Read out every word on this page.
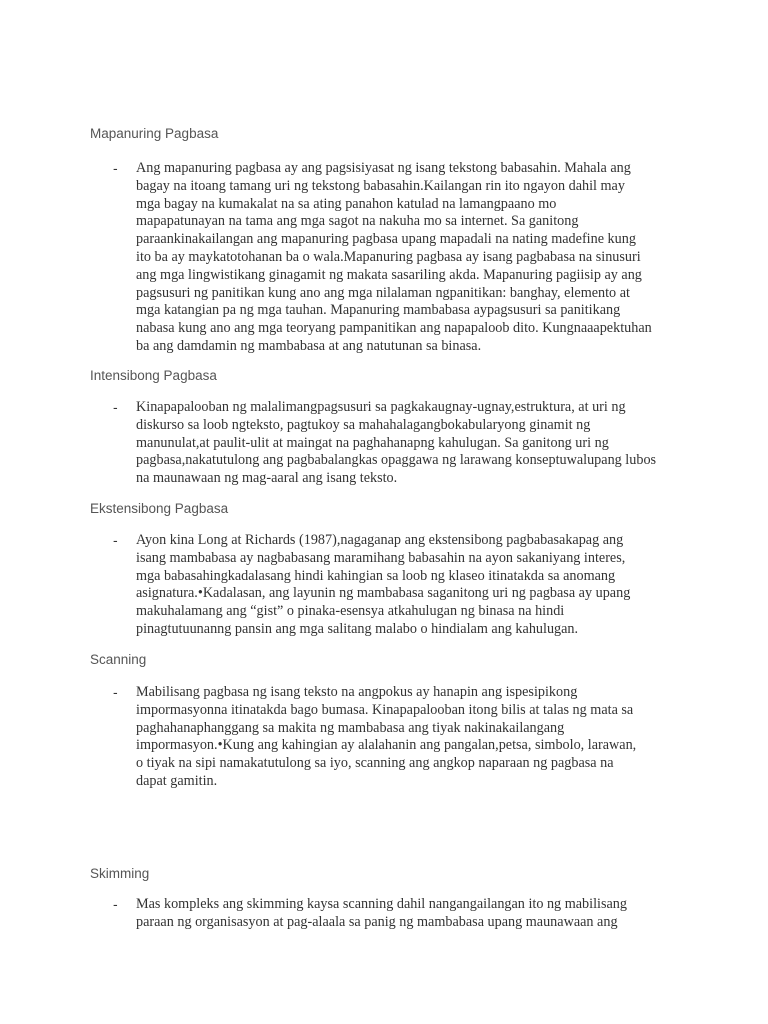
Mapanuring Pagbasa
- Ang mapanuring pagbasa ay ang pagsisiyasat ng isang tekstong babasahin. Mahala ang
bagay na itoang tamang uri ng tekstong babasahin.Kailangan rin ito ngayon dahil may
mga bagay na kumakalat na sa ating panahon katulad na lamangpaano mo
mapapatunayan na tama ang mga sagot na nakuha mo sa internet. Sa ganitong
paraankinakailangan ang mapanuring pagbasa upang mapadali na nating madefine kung
ito ba ay maykatotohanan ba o wala.Mapanuring pagbasa ay isang pagbabasa na sinusuri
ang mga lingwistikang ginagamit ng makata sasariling akda. Mapanuring pagiisip ay ang
pagsusuri ng panitikan kung ano ang mga nilalaman ngpanitikan: banghay, elemento at
mga katangian pa ng mga tauhan. Mapanuring mambabasa aypagsusuri sa panitikang
nabasa kung ano ang mga teoryang pampanitikan ang napapaloob dito. Kungnaaapektuhan
ba ang damdamin ng mambabasa at ang natutunan sa binasa.
Intensibong Pagbasa
- Kinapapalooban ng malalimangpagsusuri sa pagkakaugnay-ugnay,estruktura, at uri ng
diskurso sa loob ngteksto, pagtukoy sa mahahalagangbokabularyong ginamit ng
manunulat,at paulit-ulit at maingat na paghahanapng kahulugan. Sa ganitong uri ng
pagbasa,nakatutulong ang pagbabalangkas opaggawa ng larawang konseptuwalupang lubos
na maunawaan ng mag-aaral ang isang teksto.
Ekstensibong Pagbasa
- Ayon kina Long at Richards (1987),nagaganap ang ekstensibong pagbabasakapag ang
isang mambabasa ay nagbabasang maramihang babasahin na ayon sakaniyang interes,
mga babasahingkadalasang hindi kahingian sa loob ng klaseo itinatakda sa anomang
asignatura.•Kadalasan, ang layunin ng mambabasa saganitong uri ng pagbasa ay upang
makuhalamang ang “gist” o pinaka-esensya atkahulugan ng binasa na hindi
pinagtutuunanng pansin ang mga salitang malabo o hindialam ang kahulugan.
Scanning
- Mabilisang pagbasa ng isang teksto na angpokus ay hanapin ang ispesipikong
impormasyonna itinatakda bago bumasa. Kinapapalooban itong bilis at talas ng mata sa
paghahanaphanggang sa makita ng mambabasa ang tiyak nakinakailangang
impormasyon.•Kung ang kahingian ay alalahanin ang pangalan,petsa, simbolo, larawan,
o tiyak na sipi namakatutulong sa iyo, scanning ang angkop naparaan ng pagbasa na
dapat gamitin.
Skimming
- Mas kompleks ang skimming kaysa scanning dahil nangangailangan ito ng mabilisang
paraan ng organisasyon at pag-alaala sa panig ng mambabasa upang maunawaan ang
